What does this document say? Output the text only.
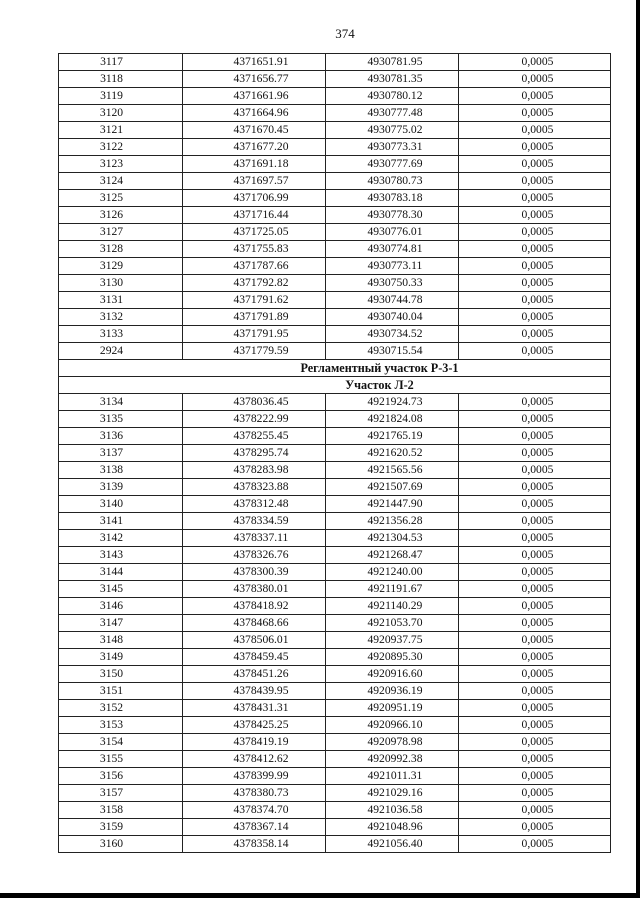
374
3117	4371651.91	4930781.95	0,0005
3118	4371656.77	4930781.35	0,0005
3119	4371661.96	4930780.12	0,0005
3120	4371664.96	4930777.48	0,0005
3121	4371670.45	4930775.02	0,0005
3122	4371677.20	4930773.31	0,0005
3123	4371691.18	4930777.69	0,0005
3124	4371697.57	4930780.73	0,0005
3125	4371706.99	4930783.18	0,0005
3126	4371716.44	4930778.30	0,0005
3127	4371725.05	4930776.01	0,0005
3128	4371755.83	4930774.81	0,0005
3129	4371787.66	4930773.11	0,0005
3130	4371792.82	4930750.33	0,0005
3131	4371791.62	4930744.78	0,0005
3132	4371791.89	4930740.04	0,0005
3133	4371791.95	4930734.52	0,0005
2924	4371779.59	4930715.54	0,0005
Регламентный участок Р-3-1			
Участок Л-2			
3134	4378036.45	4921924.73	0,0005
3135	4378222.99	4921824.08	0,0005
3136	4378255.45	4921765.19	0,0005
3137	4378295.74	4921620.52	0,0005
3138	4378283.98	4921565.56	0,0005
3139	4378323.88	4921507.69	0,0005
3140	4378312.48	4921447.90	0,0005
3141	4378334.59	4921356.28	0,0005
3142	4378337.11	4921304.53	0,0005
3143	4378326.76	4921268.47	0,0005
3144	4378300.39	4921240.00	0,0005
3145	4378380.01	4921191.67	0,0005
3146	4378418.92	4921140.29	0,0005
3147	4378468.66	4921053.70	0,0005
3148	4378506.01	4920937.75	0,0005
3149	4378459.45	4920895.30	0,0005
3150	4378451.26	4920916.60	0,0005
3151	4378439.95	4920936.19	0,0005
3152	4378431.31	4920951.19	0,0005
3153	4378425.25	4920966.10	0,0005
3154	4378419.19	4920978.98	0,0005
3155	4378412.62	4920992.38	0,0005
3156	4378399.99	4921011.31	0,0005
3157	4378380.73	4921029.16	0,0005
3158	4378374.70	4921036.58	0,0005
3159	4378367.14	4921048.96	0,0005
3160	4378358.14	4921056.40	0,0005
